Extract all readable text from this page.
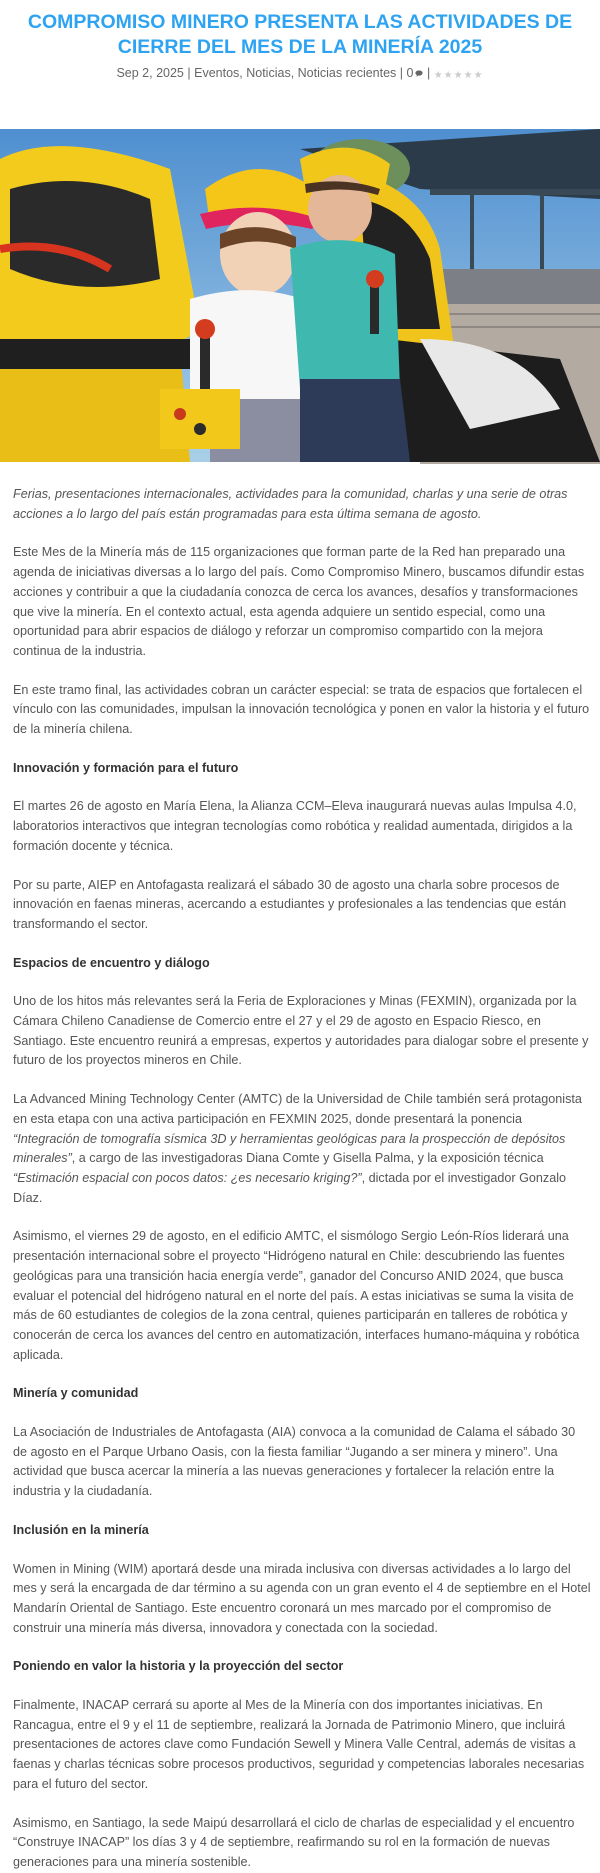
COMPROMISO MINERO PRESENTA LAS ACTIVIDADES DE CIERRE DEL MES DE LA MINERÍA 2025
Sep 2, 2025 | Eventos, Noticias, Noticias recientes | 0 | ★★★★★

Ferias, presentaciones internacionales, actividades para la comunidad, charlas y una serie de otras acciones a lo largo del país están programadas para esta última semana de agosto.

Este Mes de la Minería más de 115 organizaciones que forman parte de la Red han preparado una agenda de iniciativas diversas a lo largo del país. Como Compromiso Minero, buscamos difundir estas acciones y contribuir a que la ciudadanía conozca de cerca los avances, desafíos y transformaciones que vive la minería. En el contexto actual, esta agenda adquiere un sentido especial, como una oportunidad para abrir espacios de diálogo y reforzar un compromiso compartido con la mejora continua de la industria.

En este tramo final, las actividades cobran un carácter especial: se trata de espacios que fortalecen el vínculo con las comunidades, impulsan la innovación tecnológica y ponen en valor la historia y el futuro de la minería chilena.

Innovación y formación para el futuro

El martes 26 de agosto en María Elena, la Alianza CCM–Eleva inaugurará nuevas aulas Impulsa 4.0, laboratorios interactivos que integran tecnologías como robótica y realidad aumentada, dirigidos a la formación docente y técnica.

Por su parte, AIEP en Antofagasta realizará el sábado 30 de agosto una charla sobre procesos de innovación en faenas mineras, acercando a estudiantes y profesionales a las tendencias que están transformando el sector.

Espacios de encuentro y diálogo

Uno de los hitos más relevantes será la Feria de Exploraciones y Minas (FEXMIN), organizada por la Cámara Chileno Canadiense de Comercio entre el 27 y el 29 de agosto en Espacio Riesco, en Santiago. Este encuentro reunirá a empresas, expertos y autoridades para dialogar sobre el presente y futuro de los proyectos mineros en Chile.

La Advanced Mining Technology Center (AMTC) de la Universidad de Chile también será protagonista en esta etapa con una activa participación en FEXMIN 2025, donde presentará la ponencia “Integración de tomografía sísmica 3D y herramientas geológicas para la prospección de depósitos minerales”, a cargo de las investigadoras Diana Comte y Gisella Palma, y la exposición técnica “Estimación espacial con pocos datos: ¿es necesario kriging?”, dictada por el investigador Gonzalo Díaz.

Asimismo, el viernes 29 de agosto, en el edificio AMTC, el sismólogo Sergio León-Ríos liderará una presentación internacional sobre el proyecto “Hidrógeno natural en Chile: descubriendo las fuentes geológicas para una transición hacia energía verde”, ganador del Concurso ANID 2024, que busca evaluar el potencial del hidrógeno natural en el norte del país. A estas iniciativas se suma la visita de más de 60 estudiantes de colegios de la zona central, quienes participarán en talleres de robótica y conocerán de cerca los avances del centro en automatización, interfaces humano-máquina y robótica aplicada.

Minería y comunidad

La Asociación de Industriales de Antofagasta (AIA) convoca a la comunidad de Calama el sábado 30 de agosto en el Parque Urbano Oasis, con la fiesta familiar “Jugando a ser minera y minero”. Una actividad que busca acercar la minería a las nuevas generaciones y fortalecer la relación entre la industria y la ciudadanía.

Inclusión en la minería

Women in Mining (WIM) aportará desde una mirada inclusiva con diversas actividades a lo largo del mes y será la encargada de dar término a su agenda con un gran evento el 4 de septiembre en el Hotel Mandarín Oriental de Santiago. Este encuentro coronará un mes marcado por el compromiso de construir una minería más diversa, innovadora y conectada con la sociedad.

Poniendo en valor la historia y la proyección del sector

Finalmente, INACAP cerrará su aporte al Mes de la Minería con dos importantes iniciativas. En Rancagua, entre el 9 y el 11 de septiembre, realizará la Jornada de Patrimonio Minero, que incluirá presentaciones de actores clave como Fundación Sewell y Minera Valle Central, además de visitas a faenas y charlas técnicas sobre procesos productivos, seguridad y competencias laborales necesarias para el futuro del sector.

Asimismo, en Santiago, la sede Maipú desarrollará el ciclo de charlas de especialidad y el encuentro “Construye INACAP” los días 3 y 4 de septiembre, reafirmando su rol en la formación de nuevas generaciones para una minería sostenible.
